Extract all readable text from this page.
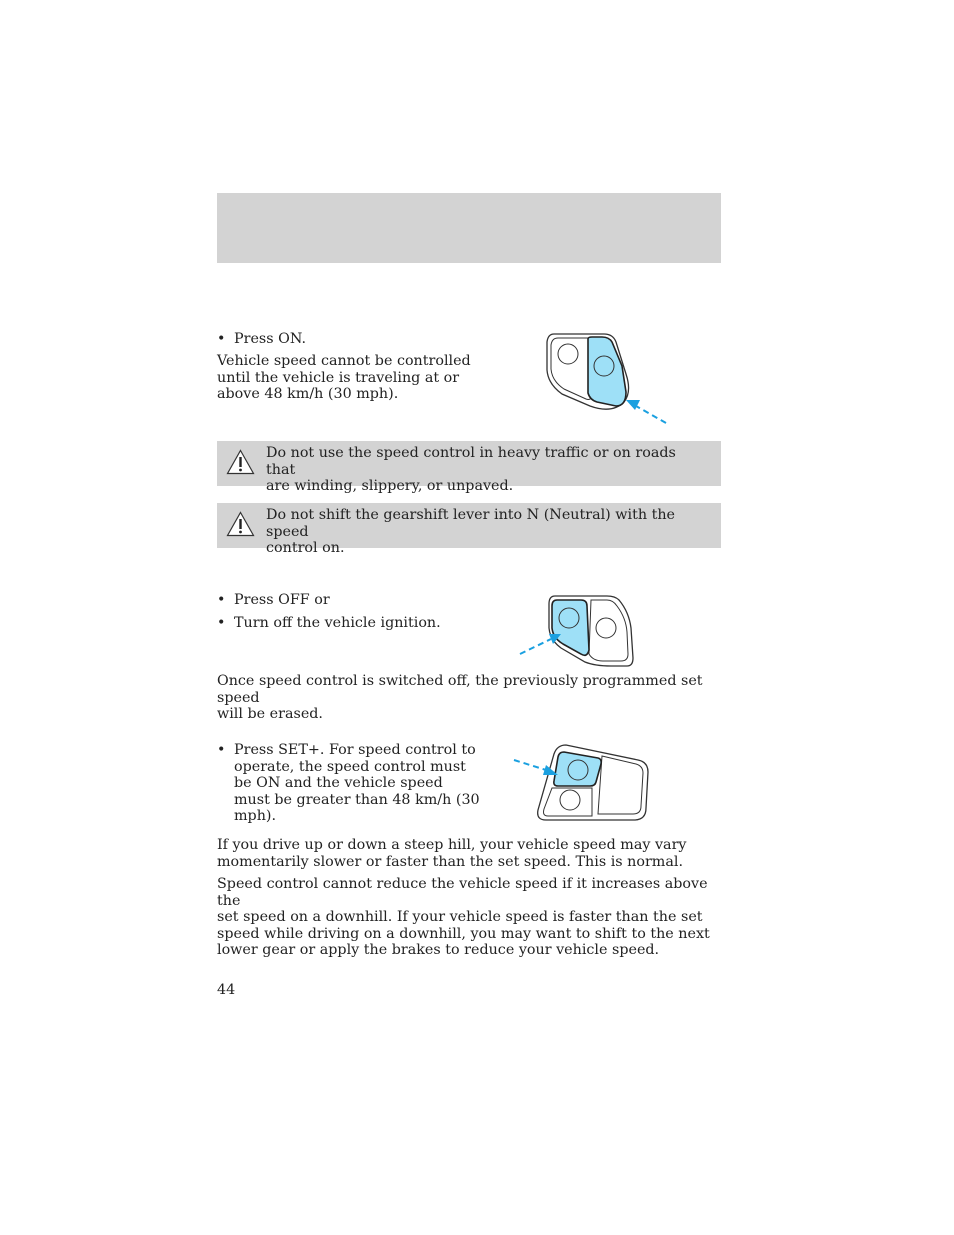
• Press ON.
Vehicle speed cannot be controlled
until the vehicle is traveling at or
above 48 km/h (30 mph).
Do not use the speed control in heavy traffic or on roads that
are winding, slippery, or unpaved.
Do not shift the gearshift lever into N (Neutral) with the speed
control on.
• Press OFF or
• Turn off the vehicle ignition.
Once speed control is switched off, the previously programmed set speed
will be erased.
• Press SET+. For speed control to
operate, the speed control must
be ON and the vehicle speed
must be greater than 48 km/h (30
mph).
If you drive up or down a steep hill, your vehicle speed may vary
momentarily slower or faster than the set speed. This is normal.
Speed control cannot reduce the vehicle speed if it increases above the
set speed on a downhill. If your vehicle speed is faster than the set
speed while driving on a downhill, you may want to shift to the next
lower gear or apply the brakes to reduce your vehicle speed.
44
